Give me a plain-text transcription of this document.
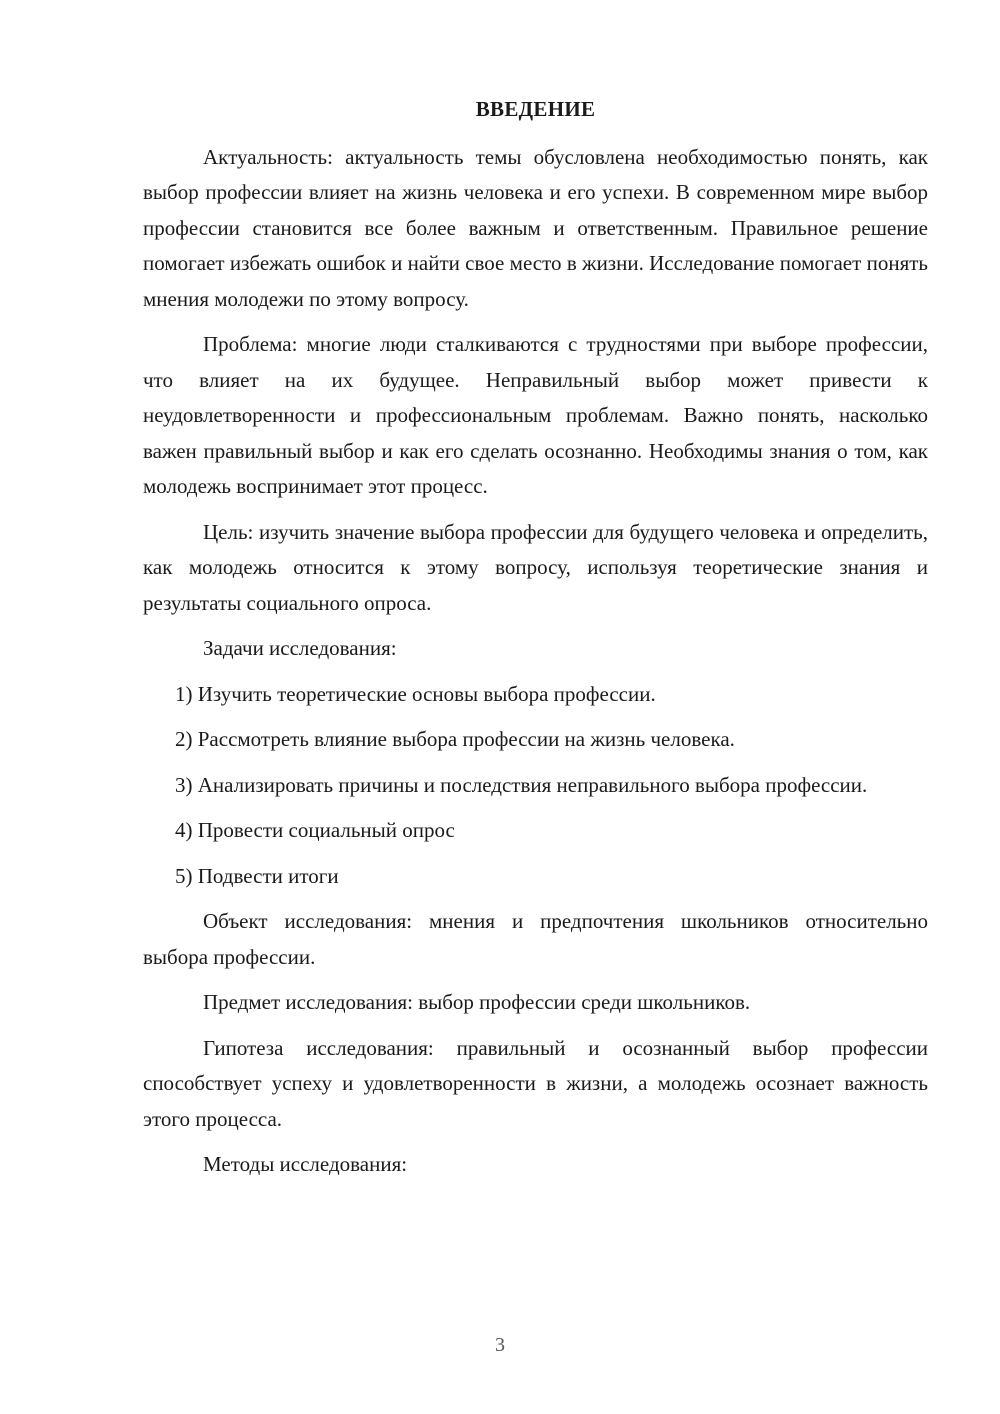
ВВЕДЕНИЕ

Актуальность: актуальность темы обусловлена необходимостью понять, как выбор профессии влияет на жизнь человека и его успехи. В современном мире выбор профессии становится все более важным и ответственным. Правильное решение помогает избежать ошибок и найти свое место в жизни. Исследование помогает понять мнения молодежи по этому вопросу.

Проблема: многие люди сталкиваются с трудностями при выборе профессии, что влияет на их будущее. Неправильный выбор может привести к неудовлетворенности и профессиональным проблемам. Важно понять, насколько важен правильный выбор и как его сделать осознанно. Необходимы знания о том, как молодежь воспринимает этот процесс.

Цель: изучить значение выбора профессии для будущего человека и определить, как молодежь относится к этому вопросу, используя теоретические знания и результаты социального опроса.

Задачи исследования:

1) Изучить теоретические основы выбора профессии.

2) Рассмотреть влияние выбора профессии на жизнь человека.

3) Анализировать причины и последствия неправильного выбора профессии.

4) Провести социальный опрос

5) Подвести итоги

Объект исследования: мнения и предпочтения школьников относительно выбора профессии.

Предмет исследования: выбор профессии среди школьников.

Гипотеза исследования: правильный и осознанный выбор профессии способствует успеху и удовлетворенности в жизни, а молодежь осознает важность этого процесса.

Методы исследования:

3
